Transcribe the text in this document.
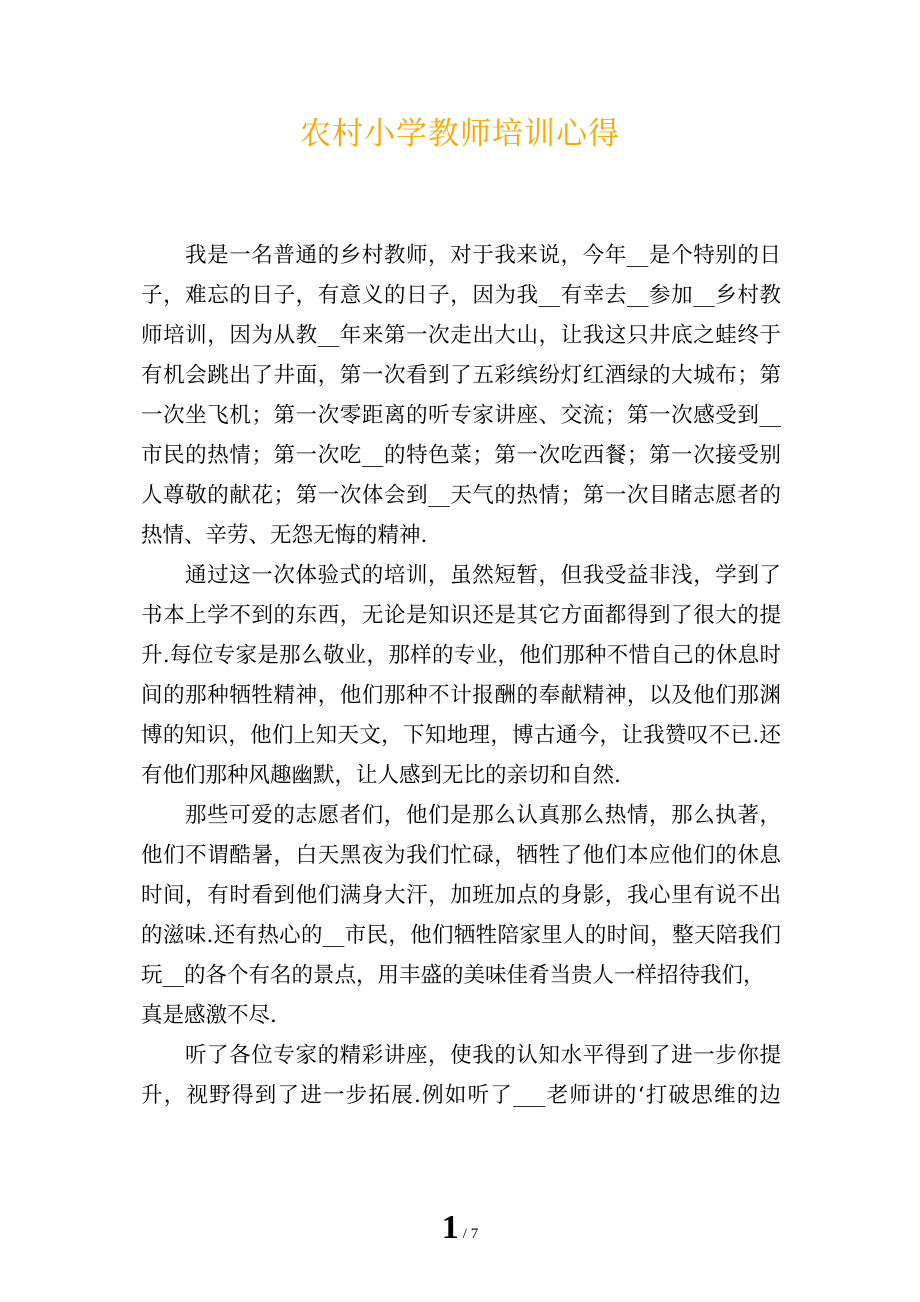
农村小学教师培训心得
我是一名普通的乡村教师，对于我来说，今年__是个特别的日
子，难忘的日子，有意义的日子，因为我__有幸去__参加__乡村教
师培训，因为从教__年来第一次走出大山，让我这只井底之蛙终于
有机会跳出了井面，第一次看到了五彩缤纷灯红酒绿的大城布；第
一次坐飞机；第一次零距离的听专家讲座、交流；第一次感受到__
市民的热情；第一次吃__的特色菜；第一次吃西餐；第一次接受别
人尊敬的献花；第一次体会到__天气的热情；第一次目睹志愿者的
热情、辛劳、无怨无悔的精神.
通过这一次体验式的培训，虽然短暂，但我受益非浅，学到了
书本上学不到的东西，无论是知识还是其它方面都得到了很大的提
升.每位专家是那么敬业，那样的专业，他们那种不惜自己的休息时
间的那种牺牲精神，他们那种不计报酬的奉献精神，以及他们那渊
博的知识，他们上知天文，下知地理，博古通今，让我赞叹不已.还
有他们那种风趣幽默，让人感到无比的亲切和自然.
那些可爱的志愿者们，他们是那么认真那么热情，那么执著，
他们不谓酷暑，白天黑夜为我们忙碌，牺牲了他们本应他们的休息
时间，有时看到他们满身大汗，加班加点的身影，我心里有说不出
的滋味.还有热心的__市民，他们牺牲陪家里人的时间，整天陪我们
玩__的各个有名的景点，用丰盛的美味佳肴当贵人一样招待我们，
真是感激不尽.
听了各位专家的精彩讲座，使我的认知水平得到了进一步你提
升，视野得到了进一步拓展.例如听了___老师讲的‘打破思维的边
1 / 7
